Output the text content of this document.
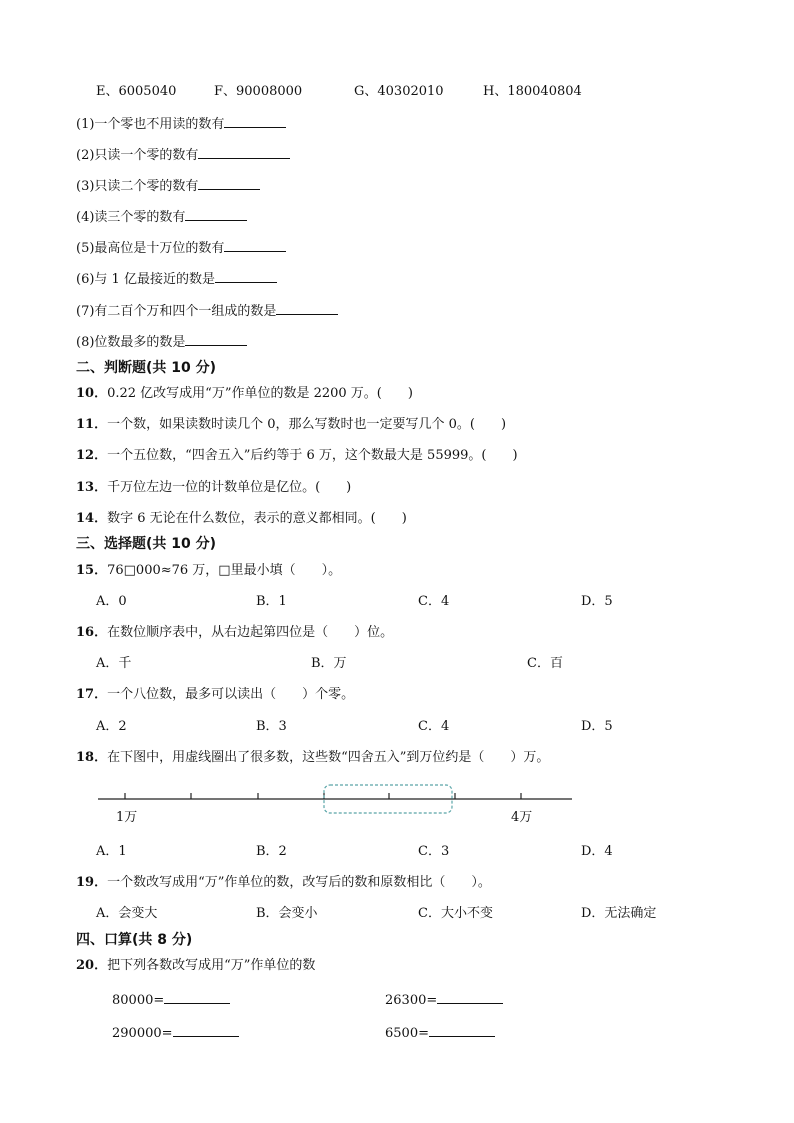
E、6005040	F、90008000	G、40302010	H、180040804
(1)一个零也不用读的数有
(2)只读一个零的数有
(3)只读二个零的数有
(4)读三个零的数有
(5)最高位是十万位的数有
(6)与 1 亿最接近的数是
(7)有二百个万和四个一组成的数是
(8)位数最多的数是
二、判断题(共 10 分)
10．0.22 亿改写成用“万”作单位的数是 2200 万。(　　)
11．一个数，如果读数时读几个 0，那么写数时也一定要写几个 0。(　　)
12．一个五位数，“四舍五入”后约等于 6 万，这个数最大是 55999。(　　)
13．千万位左边一位的计数单位是亿位。(　　)
14．数字 6 无论在什么数位，表示的意义都相同。(　　)
三、选择题(共 10 分)
15．76□000≈76 万，□里最小填（　　）。
A．0	B．1	C．4	D．5
16．在数位顺序表中，从右边起第四位是（　　）位。
A．千	B．万	C．百
17．一个八位数，最多可以读出（　　）个零。
A．2	B．3	C．4	D．5
18．在下图中，用虚线圈出了很多数，这些数“四舍五入”到万位约是（　　）万。
1万	4万
A．1	B．2	C．3	D．4
19．一个数改写成用“万”作单位的数，改写后的数和原数相比（　　）。
A．会变大	B．会变小	C．大小不变	D．无法确定
四、口算(共 8 分)
20．把下列各数改写成用“万”作单位的数
80000=	26300=
290000=	6500=
